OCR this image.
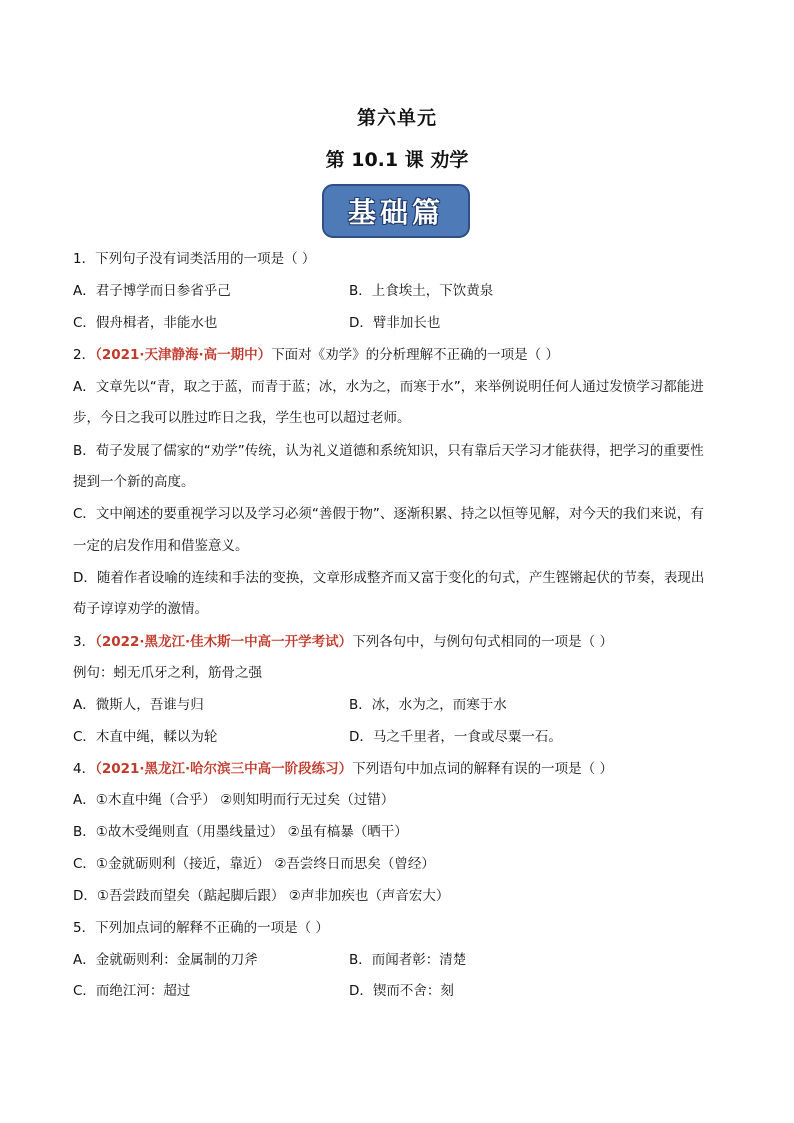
第六单元
第 10.1 课 劝学
基础篇
1．下列句子没有词类活用的一项是（ ）
A．君子博学而日参省乎己	B．上食埃土，下饮黄泉
C．假舟楫者，非能水也	D．臂非加长也
2．（2021·天津静海·高一期中）下面对《劝学》的分析理解不正确的一项是（ ）
A．文章先以“青，取之于蓝，而青于蓝；冰，水为之，而寒于水”，来举例说明任何人通过发愤学习都能进
步，今日之我可以胜过昨日之我，学生也可以超过老师。
B．荀子发展了儒家的“劝学”传统，认为礼义道德和系统知识，只有靠后天学习才能获得，把学习的重要性
提到一个新的高度。
C．文中阐述的要重视学习以及学习必须“善假于物”、逐渐积累、持之以恒等见解，对今天的我们来说，有
一定的启发作用和借鉴意义。
D．随着作者设喻的连续和手法的变换，文章形成整齐而又富于变化的句式，产生铿锵起伏的节奏，表现出
荀子谆谆劝学的激情。
3．（2022·黑龙江·佳木斯一中高一开学考试）下列各句中，与例句句式相同的一项是（ ）
例句：蚓无爪牙之利，筋骨之强
A．微斯人，吾谁与归	B．冰，水为之，而寒于水
C．木直中绳，輮以为轮	D．马之千里者，一食或尽粟一石。
4．（2021·黑龙江·哈尔滨三中高一阶段练习）下列语句中加点词的解释有误的一项是（ ）
A．①木直中绳（合乎） ②则知明而行无过矣（过错）
B．①故木受绳则直（用墨线量过） ②虽有槁暴（晒干）
C．①金就砺则利（接近，靠近） ②吾尝终日而思矣（曾经）
D．①吾尝跂而望矣（踮起脚后跟） ②声非加疾也（声音宏大）
5．下列加点词的解释不正确的一项是（ ）
A．金就砺则利：金属制的刀斧	B．而闻者彰：清楚
C．而绝江河：超过	D．锲而不舍：刻
